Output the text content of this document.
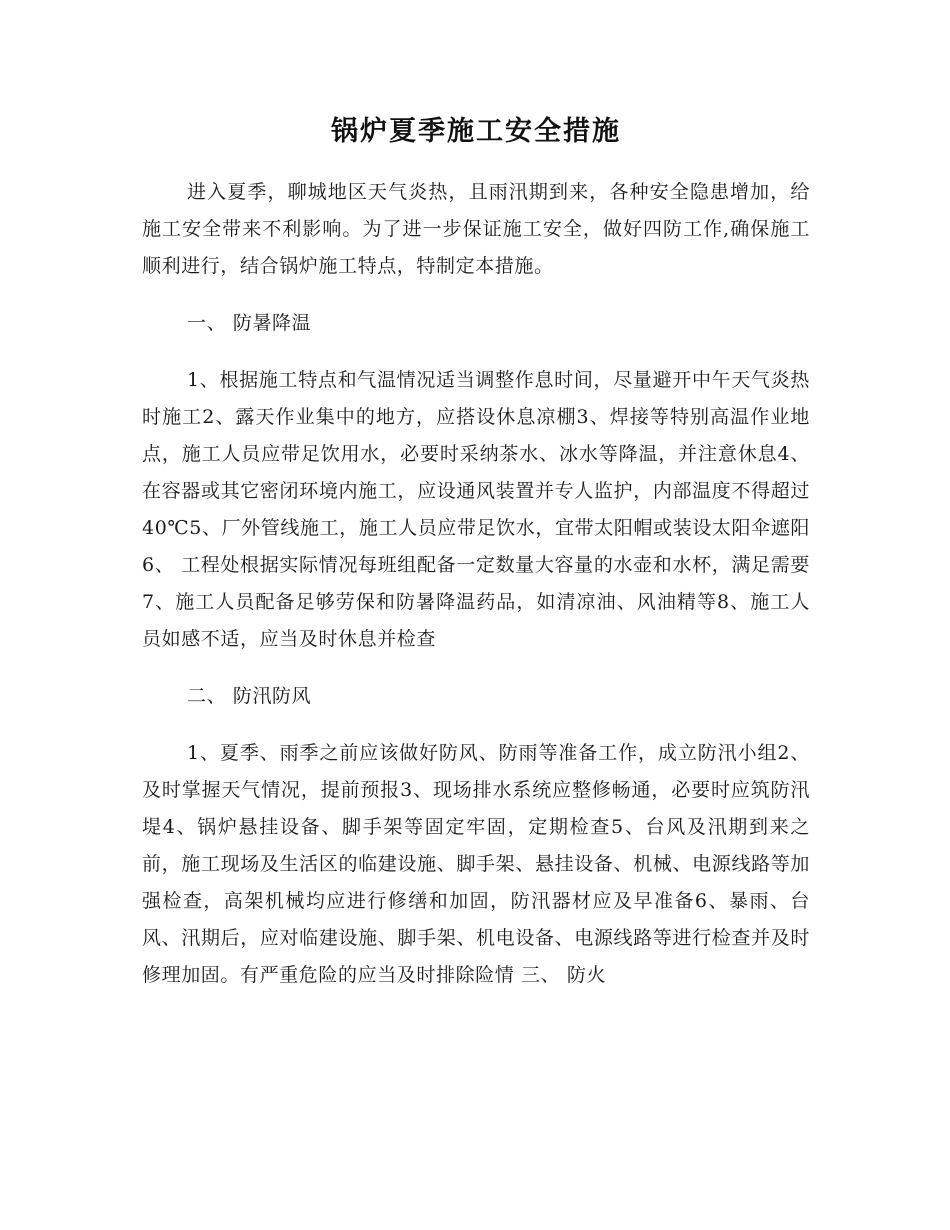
锅炉夏季施工安全措施

进入夏季，聊城地区天气炎热，且雨汛期到来，各种安全隐患增加，给施工安全带来不利影响。为了进一步保证施工安全，做好四防工作,确保施工顺利进行，结合锅炉施工特点，特制定本措施。

一、 防暑降温

1、根据施工特点和气温情况适当调整作息时间，尽量避开中午天气炎热时施工2、露天作业集中的地方，应搭设休息凉棚3、焊接等特别高温作业地点，施工人员应带足饮用水，必要时采纳茶水、冰水等降温，并注意休息4、在容器或其它密闭环境内施工，应设通风装置并专人监护，内部温度不得超过40℃5、厂外管线施工，施工人员应带足饮水，宜带太阳帽或装设太阳伞遮阳6、 工程处根据实际情况每班组配备一定数量大容量的水壶和水杯，满足需要7、施工人员配备足够劳保和防暑降温药品，如清凉油、风油精等8、施工人员如感不适，应当及时休息并检查

二、 防汛防风

1、夏季、雨季之前应该做好防风、防雨等准备工作，成立防汛小组2、及时掌握天气情况，提前预报3、现场排水系统应整修畅通，必要时应筑防汛堤4、锅炉悬挂设备、脚手架等固定牢固，定期检查5、台风及汛期到来之前，施工现场及生活区的临建设施、脚手架、悬挂设备、机械、电源线路等加强检查，高架机械均应进行修缮和加固，防汛器材应及早准备6、暴雨、台风、汛期后，应对临建设施、脚手架、机电设备、电源线路等进行检查并及时修理加固。有严重危险的应当及时排除险情 三、 防火
